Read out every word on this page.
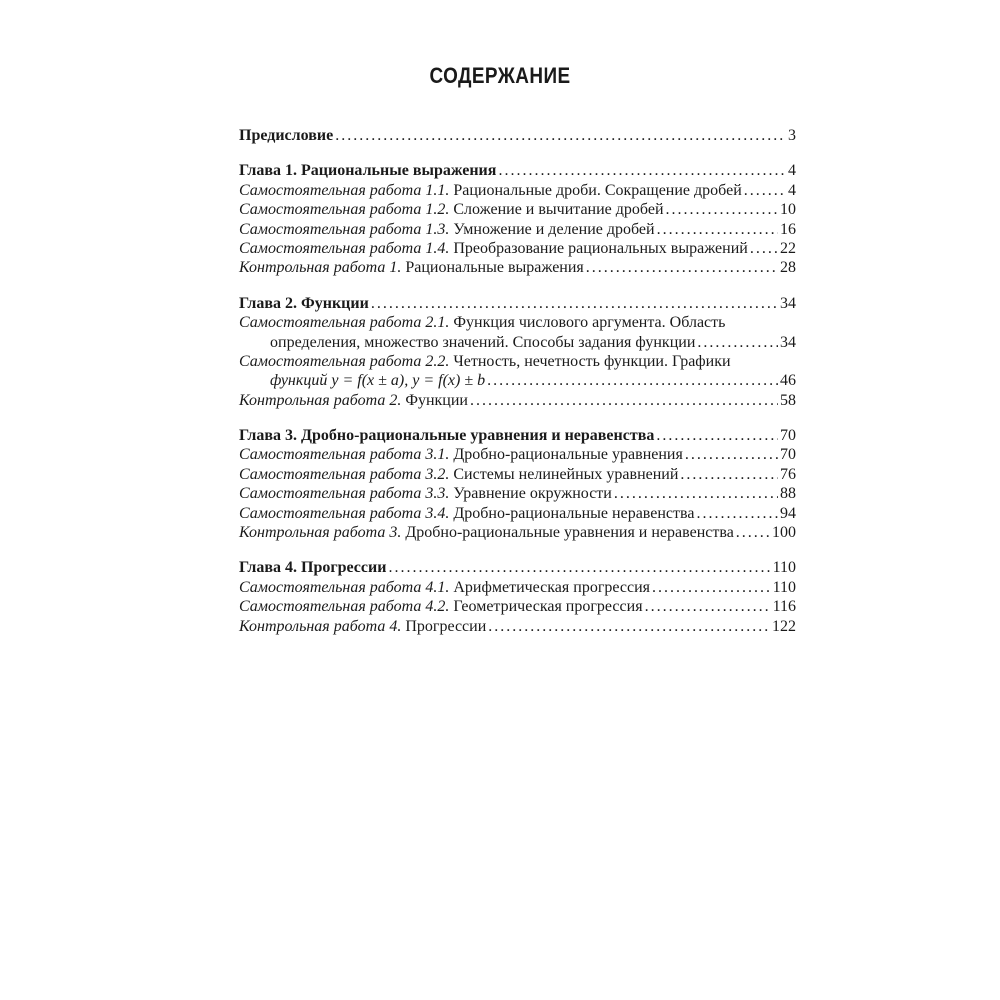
СОДЕРЖАНИЕ
Предисловие . . .	3
Глава 1. Рациональные выражения . . .	4
Самостоятельная работа 1.1. Рациональные дроби. Сокращение дробей . . .	4
Самостоятельная работа 1.2. Сложение и вычитание дробей . . .	10
Самостоятельная работа 1.3. Умножение и деление дробей . . .	16
Самостоятельная работа 1.4. Преобразование рациональных выражений . . . 22
Контрольная работа 1. Рациональные выражения . . .	28
Глава 2. Функции . . .	34
Самостоятельная работа 2.1. Функция числового аргумента. Область
определения, множество значений. Способы задания функции . . .	34
Самостоятельная работа 2.2. Четность, нечетность функции. Графики
функций y = f(x ± a), y = f(x) ± b . . .	46
Контрольная работа 2. Функции . . .	58
Глава 3. Дробно-рациональные уравнения и неравенства . . .	70
Самостоятельная работа 3.1. Дробно-рациональные уравнения . . .	70
Самостоятельная работа 3.2. Системы нелинейных уравнений . . .	76
Самостоятельная работа 3.3. Уравнение окружности . . .	88
Самостоятельная работа 3.4. Дробно-рациональные неравенства . . .	94
Контрольная работа 3. Дробно-рациональные уравнения и неравенства . . . 100
Глава 4. Прогрессии . . .	110
Самостоятельная работа 4.1. Арифметическая прогрессия . . .	110
Самостоятельная работа 4.2. Геометрическая прогрессия . . .	116
Контрольная работа 4. Прогрессии . . .	122
